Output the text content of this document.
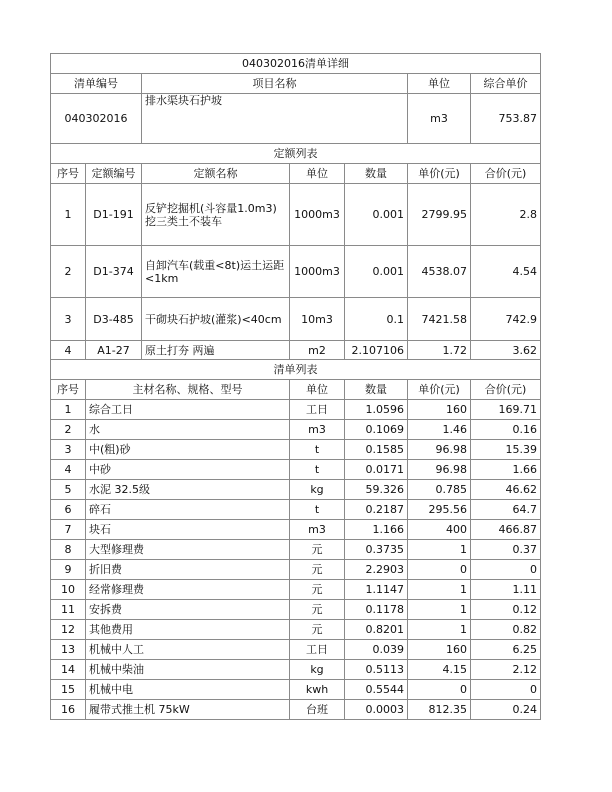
040302016清单详细						
清单编号		项目名称			单位	综合单价
040302016		排水渠块石护坡			m3	753.87
定额列表						
序号	定额编号	定额名称	单位	数量	单价(元)	合价(元)
1	D1-191	反铲挖掘机(斗容量1.0m3)挖三类土不装车	1000m3	0.001	2799.95	2.8
2	D1-374	自卸汽车(载重<8t)运土运距<1km	1000m3	0.001	4538.07	4.54
3	D3-485	干砌块石护坡(灌浆)<40cm	10m3	0.1	7421.58	742.9
4	A1-27	原土打夯 两遍	m2	2.107106	1.72	3.62
清单列表						
序号	主材名称、规格、型号		单位	数量	单价(元)	合价(元)
1	综合工日		工日	1.0596	160	169.71
2	水		m3	0.1069	1.46	0.16
3	中(粗)砂		t	0.1585	96.98	15.39
4	中砂		t	0.0171	96.98	1.66
5	水泥 32.5级		kg	59.326	0.785	46.62
6	碎石		t	0.2187	295.56	64.7
7	块石		m3	1.166	400	466.87
8	大型修理费		元	0.3735	1	0.37
9	折旧费		元	2.2903	0	0
10	经常修理费		元	1.1147	1	1.11
11	安拆费		元	0.1178	1	0.12
12	其他费用		元	0.8201	1	0.82
13	机械中人工		工日	0.039	160	6.25
14	机械中柴油		kg	0.5113	4.15	2.12
15	机械中电		kwh	0.5544	0	0
16	履带式推土机 75kW		台班	0.0003	812.35	0.24
